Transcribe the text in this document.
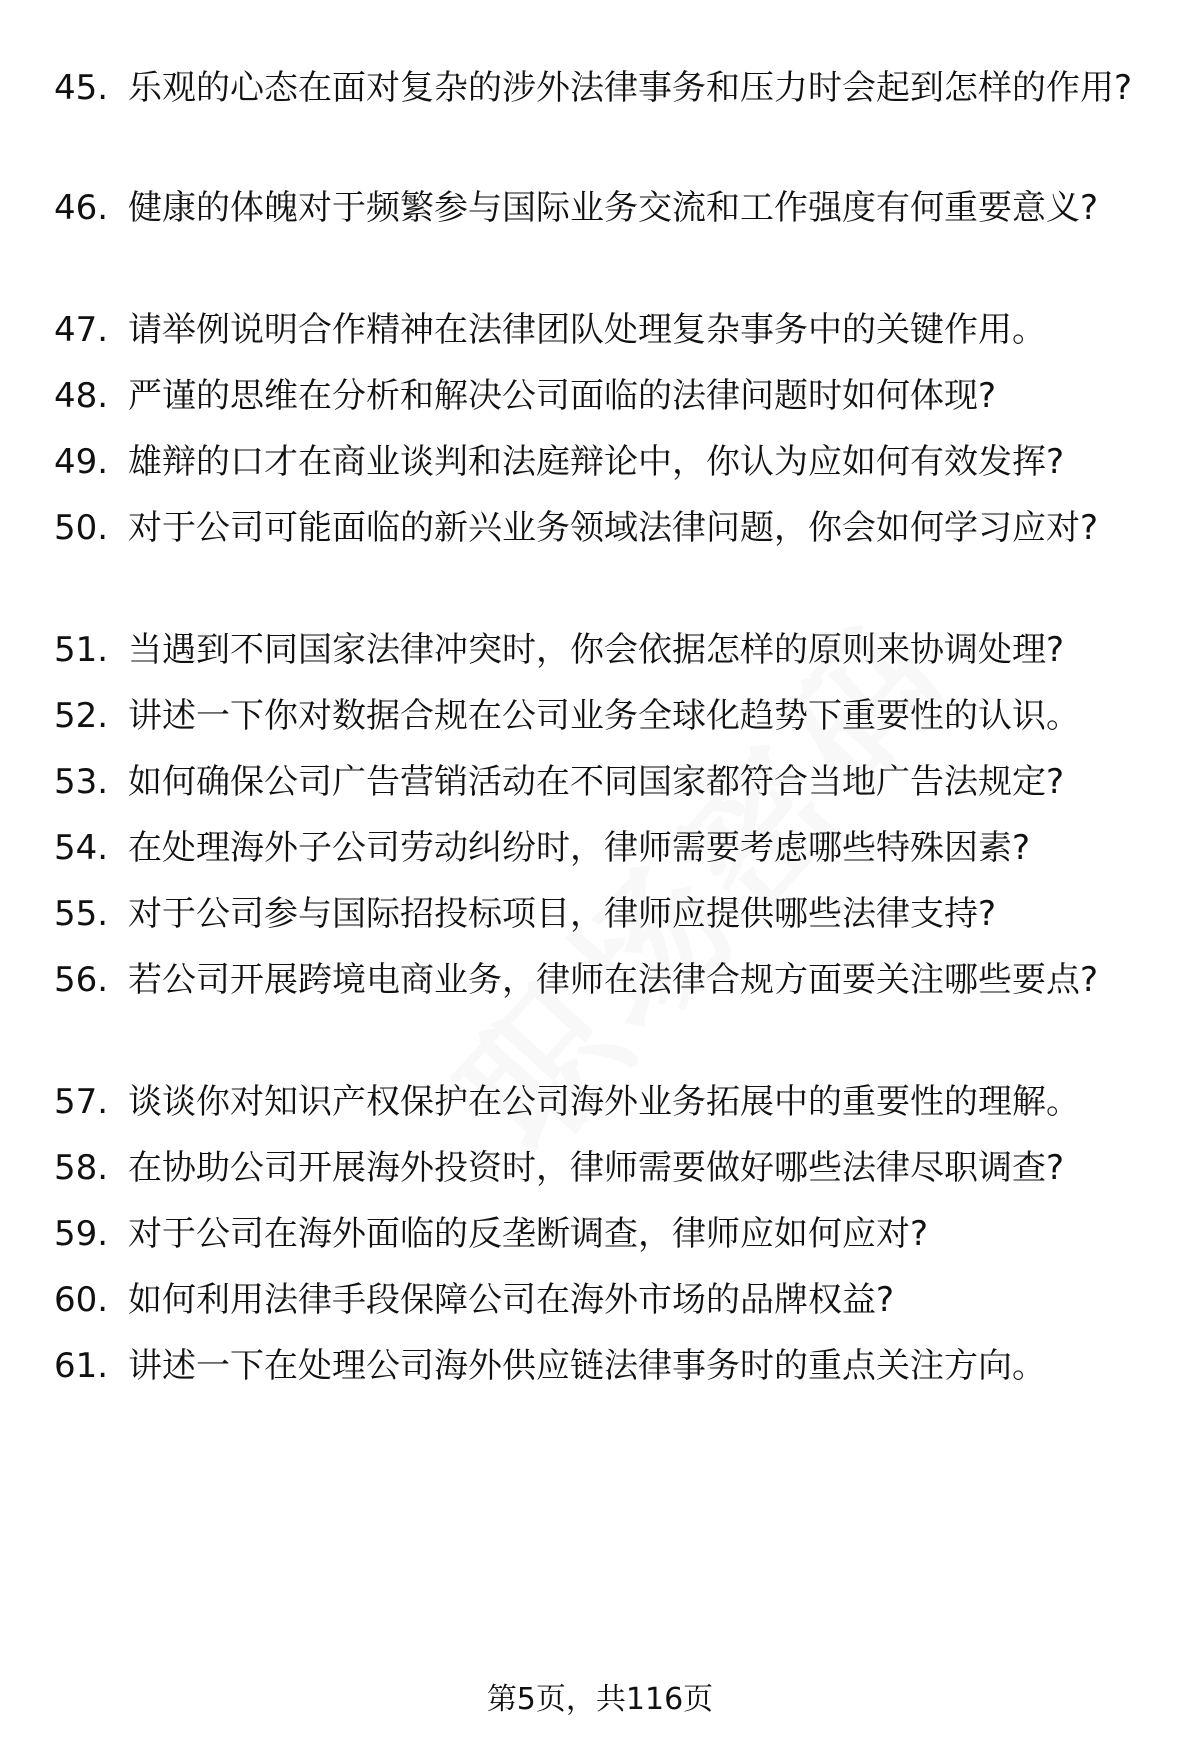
45. 乐观的心态在面对复杂的涉外法律事务和压力时会起到怎样的作用?
46. 健康的体魄对于频繁参与国际业务交流和工作强度有何重要意义?
47. 请举例说明合作精神在法律团队处理复杂事务中的关键作用。
48. 严谨的思维在分析和解决公司面临的法律问题时如何体现?
49. 雄辩的口才在商业谈判和法庭辩论中，你认为应如何有效发挥?
50. 对于公司可能面临的新兴业务领域法律问题，你会如何学习应对?
51. 当遇到不同国家法律冲突时，你会依据怎样的原则来协调处理?
52. 讲述一下你对数据合规在公司业务全球化趋势下重要性的认识。
53. 如何确保公司广告营销活动在不同国家都符合当地广告法规定?
54. 在处理海外子公司劳动纠纷时，律师需要考虑哪些特殊因素?
55. 对于公司参与国际招投标项目，律师应提供哪些法律支持?
56. 若公司开展跨境电商业务，律师在法律合规方面要关注哪些要点?
57. 谈谈你对知识产权保护在公司海外业务拓展中的重要性的理解。
58. 在协助公司开展海外投资时，律师需要做好哪些法律尽职调查?
59. 对于公司在海外面临的反垄断调查，律师应如何应对?
60. 如何利用法律手段保障公司在海外市场的品牌权益?
61. 讲述一下在处理公司海外供应链法律事务时的重点关注方向。
第5页，共116页
